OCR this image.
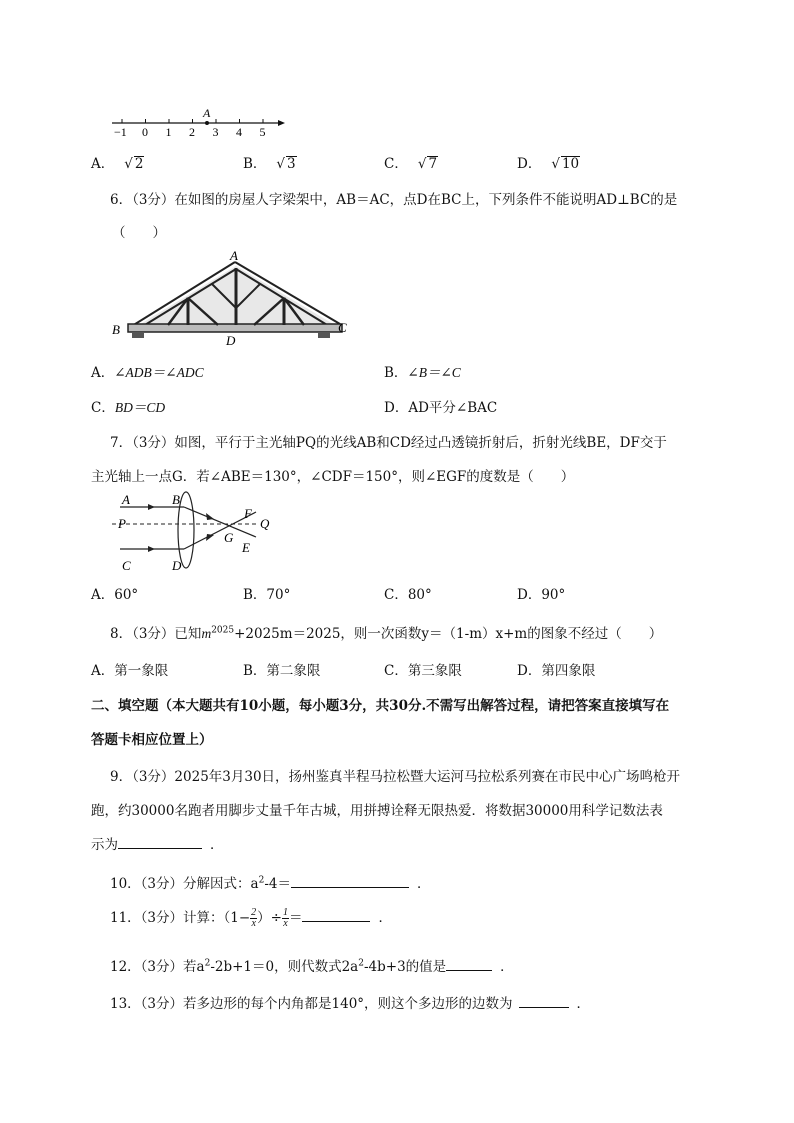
−1 0 1 2 3 4 5
A
A． √ 2	B． √ 3	C． √ 7	D． √ 10
6．（3分）在如图的房屋人字梁架中，AB＝AC，点D在BC上，下列条件不能说明AD⊥BC的是
（　　）
A
B	C
D
A．∠ADB＝∠ADC	B．∠B＝∠C
C．BD＝CD	D．AD平分∠BAC
7．（3分）如图，平行于主光轴PQ的光线AB和CD经过凸透镜折射后，折射光线BE，DF交于
主光轴上一点G．若∠ABE＝130°，∠CDF＝150°，则∠EGF的度数是（　　）
A	B
P
C	D
F
G
E
Q
A．60°	B．70°	C．80°	D．90°
8．（3分）已知$m^{2025}+2025m=2025$，则一次函数y＝（1-m）x+m的图象不经过（　　）
A．第一象限	B．第二象限	C．第三象限	D．第四象限
二、填空题（本大题共有10小题，每小题3分，共30分.不需写出解答过程，请把答案直接填写在
答题卡相应位置上）
9．（3分）2025年3月30日，扬州鉴真半程马拉松暨大运河马拉松系列赛在市民中心广场鸣枪开
跑，约30000名跑者用脚步丈量千年古城，用拼搏诠释无限热爱．将数据30000用科学记数法表
示为	．
10．（3分）分解因式：$a^2-4=$	．
11．（3分）计算：（$1- \frac{2}{x}$ ）÷ $\frac{1}{x}$ ＝	．
12．（3分）若$a^2-2b+1=0$，则代数式$2a^2-4b+3$的值是	．
13．（3分）若多边形的每个内角都是140°，则这个多边形的边数为	．
